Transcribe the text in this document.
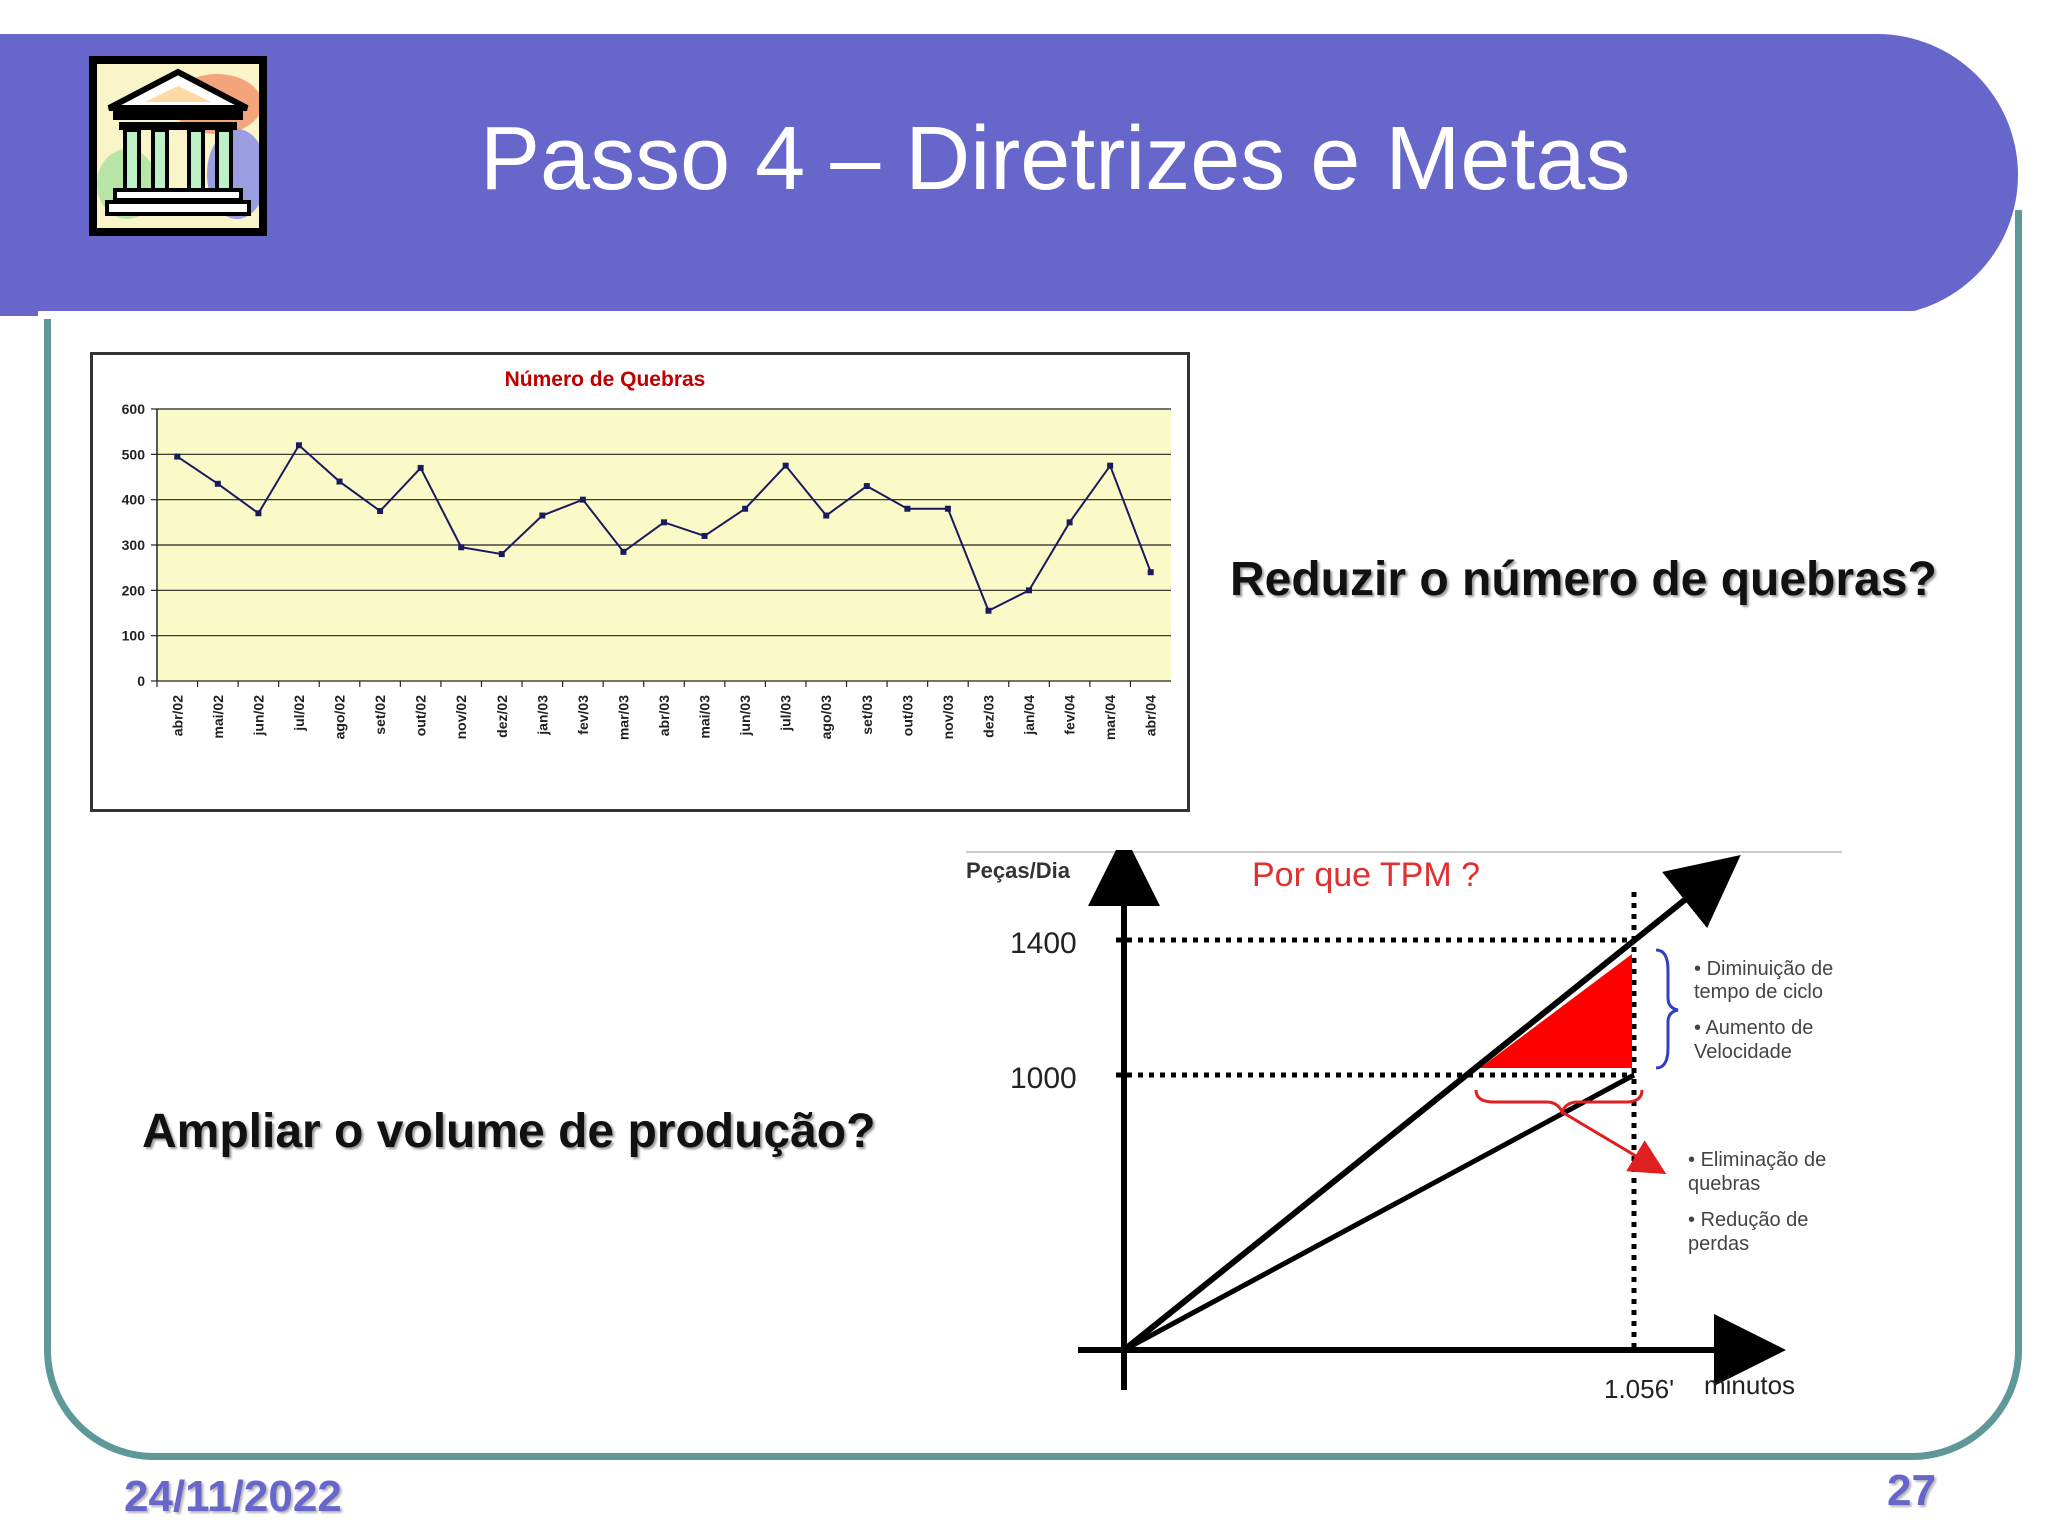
Passo 4 – Diretrizes e Metas
Número de Quebras
0
100
200
300
400
500
600
abr/02 mai/02 jun/02 jul/02 ago/02 set/02 out/02 nov/02 dez/02 jan/03 fev/03 mar/03 abr/03 mai/03 jun/03 jul/03 ago/03 set/03 out/03 nov/03 dez/03 jan/04 fev/04 mar/04 abr/04
Reduzir o número de quebras?
Ampliar o volume de produção?
Peças/Dia	Por que TPM ?
1400
1000
• Diminuição de
tempo de ciclo
• Aumento de
Velocidade
• Eliminação de
quebras
• Redução de
perdas
1.056' minutos
24/11/2022	27
